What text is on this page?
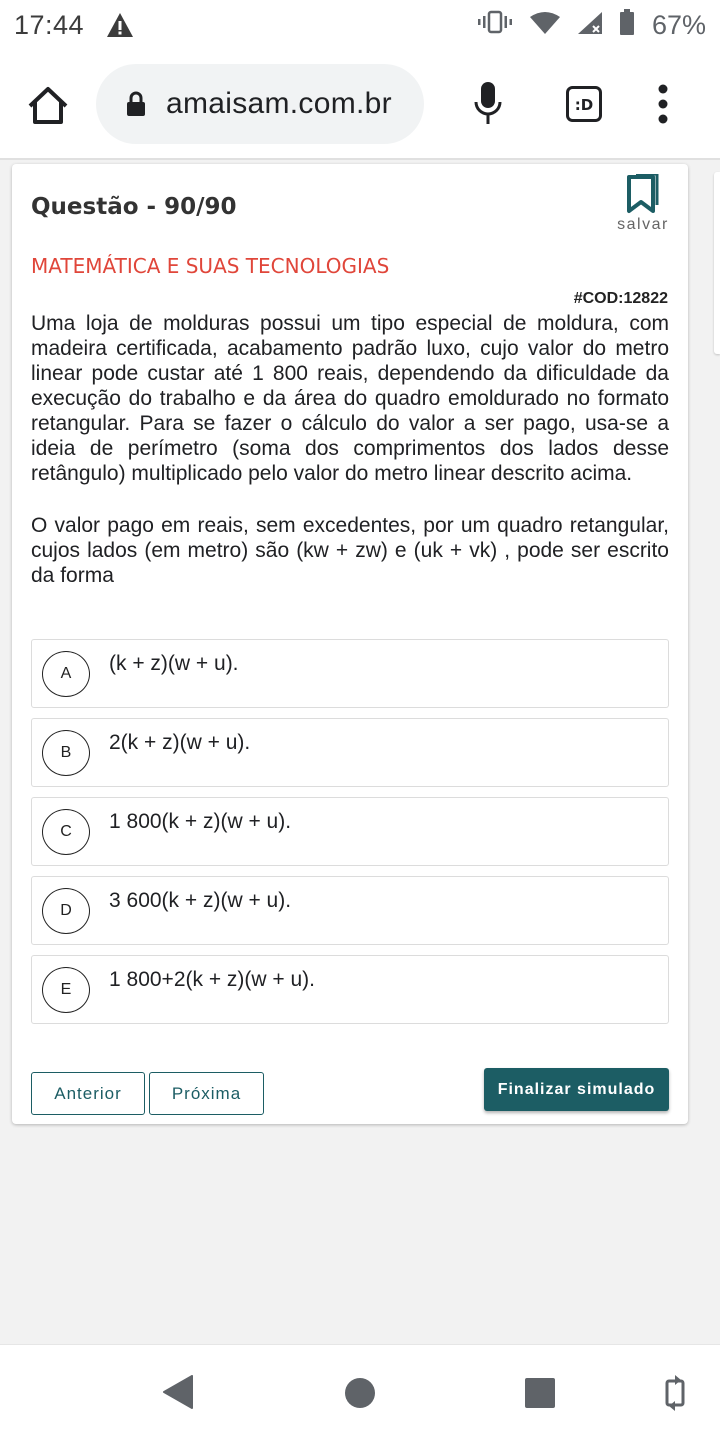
17:44	67%
amaisam.com.br	:D
Questão - 90/90
salvar
MATEMÁTICA E SUAS TECNOLOGIAS
#COD:12822

Uma loja de molduras possui um tipo especial de moldura, com madeira certificada, acabamento padrão luxo, cujo valor do metro linear pode custar até 1 800 reais, dependendo da dificuldade da execução do trabalho e da área do quadro emoldurado no formato retangular. Para se fazer o cálculo do valor a ser pago, usa-se a ideia de perímetro (soma dos comprimentos dos lados desse retângulo) multiplicado pelo valor do metro linear descrito acima.

O valor pago em reais, sem excedentes, por um quadro retangular, cujos lados (em metro) são (kw + zw) e (uk + vk) , pode ser escrito da forma

A	(k + z)(w + u).
B	2(k + z)(w + u).
C	1 800(k + z)(w + u).
D	3 600(k + z)(w + u).
E	1 800+2(k + z)(w + u).
Anterior	Próxima	Finalizar simulado
